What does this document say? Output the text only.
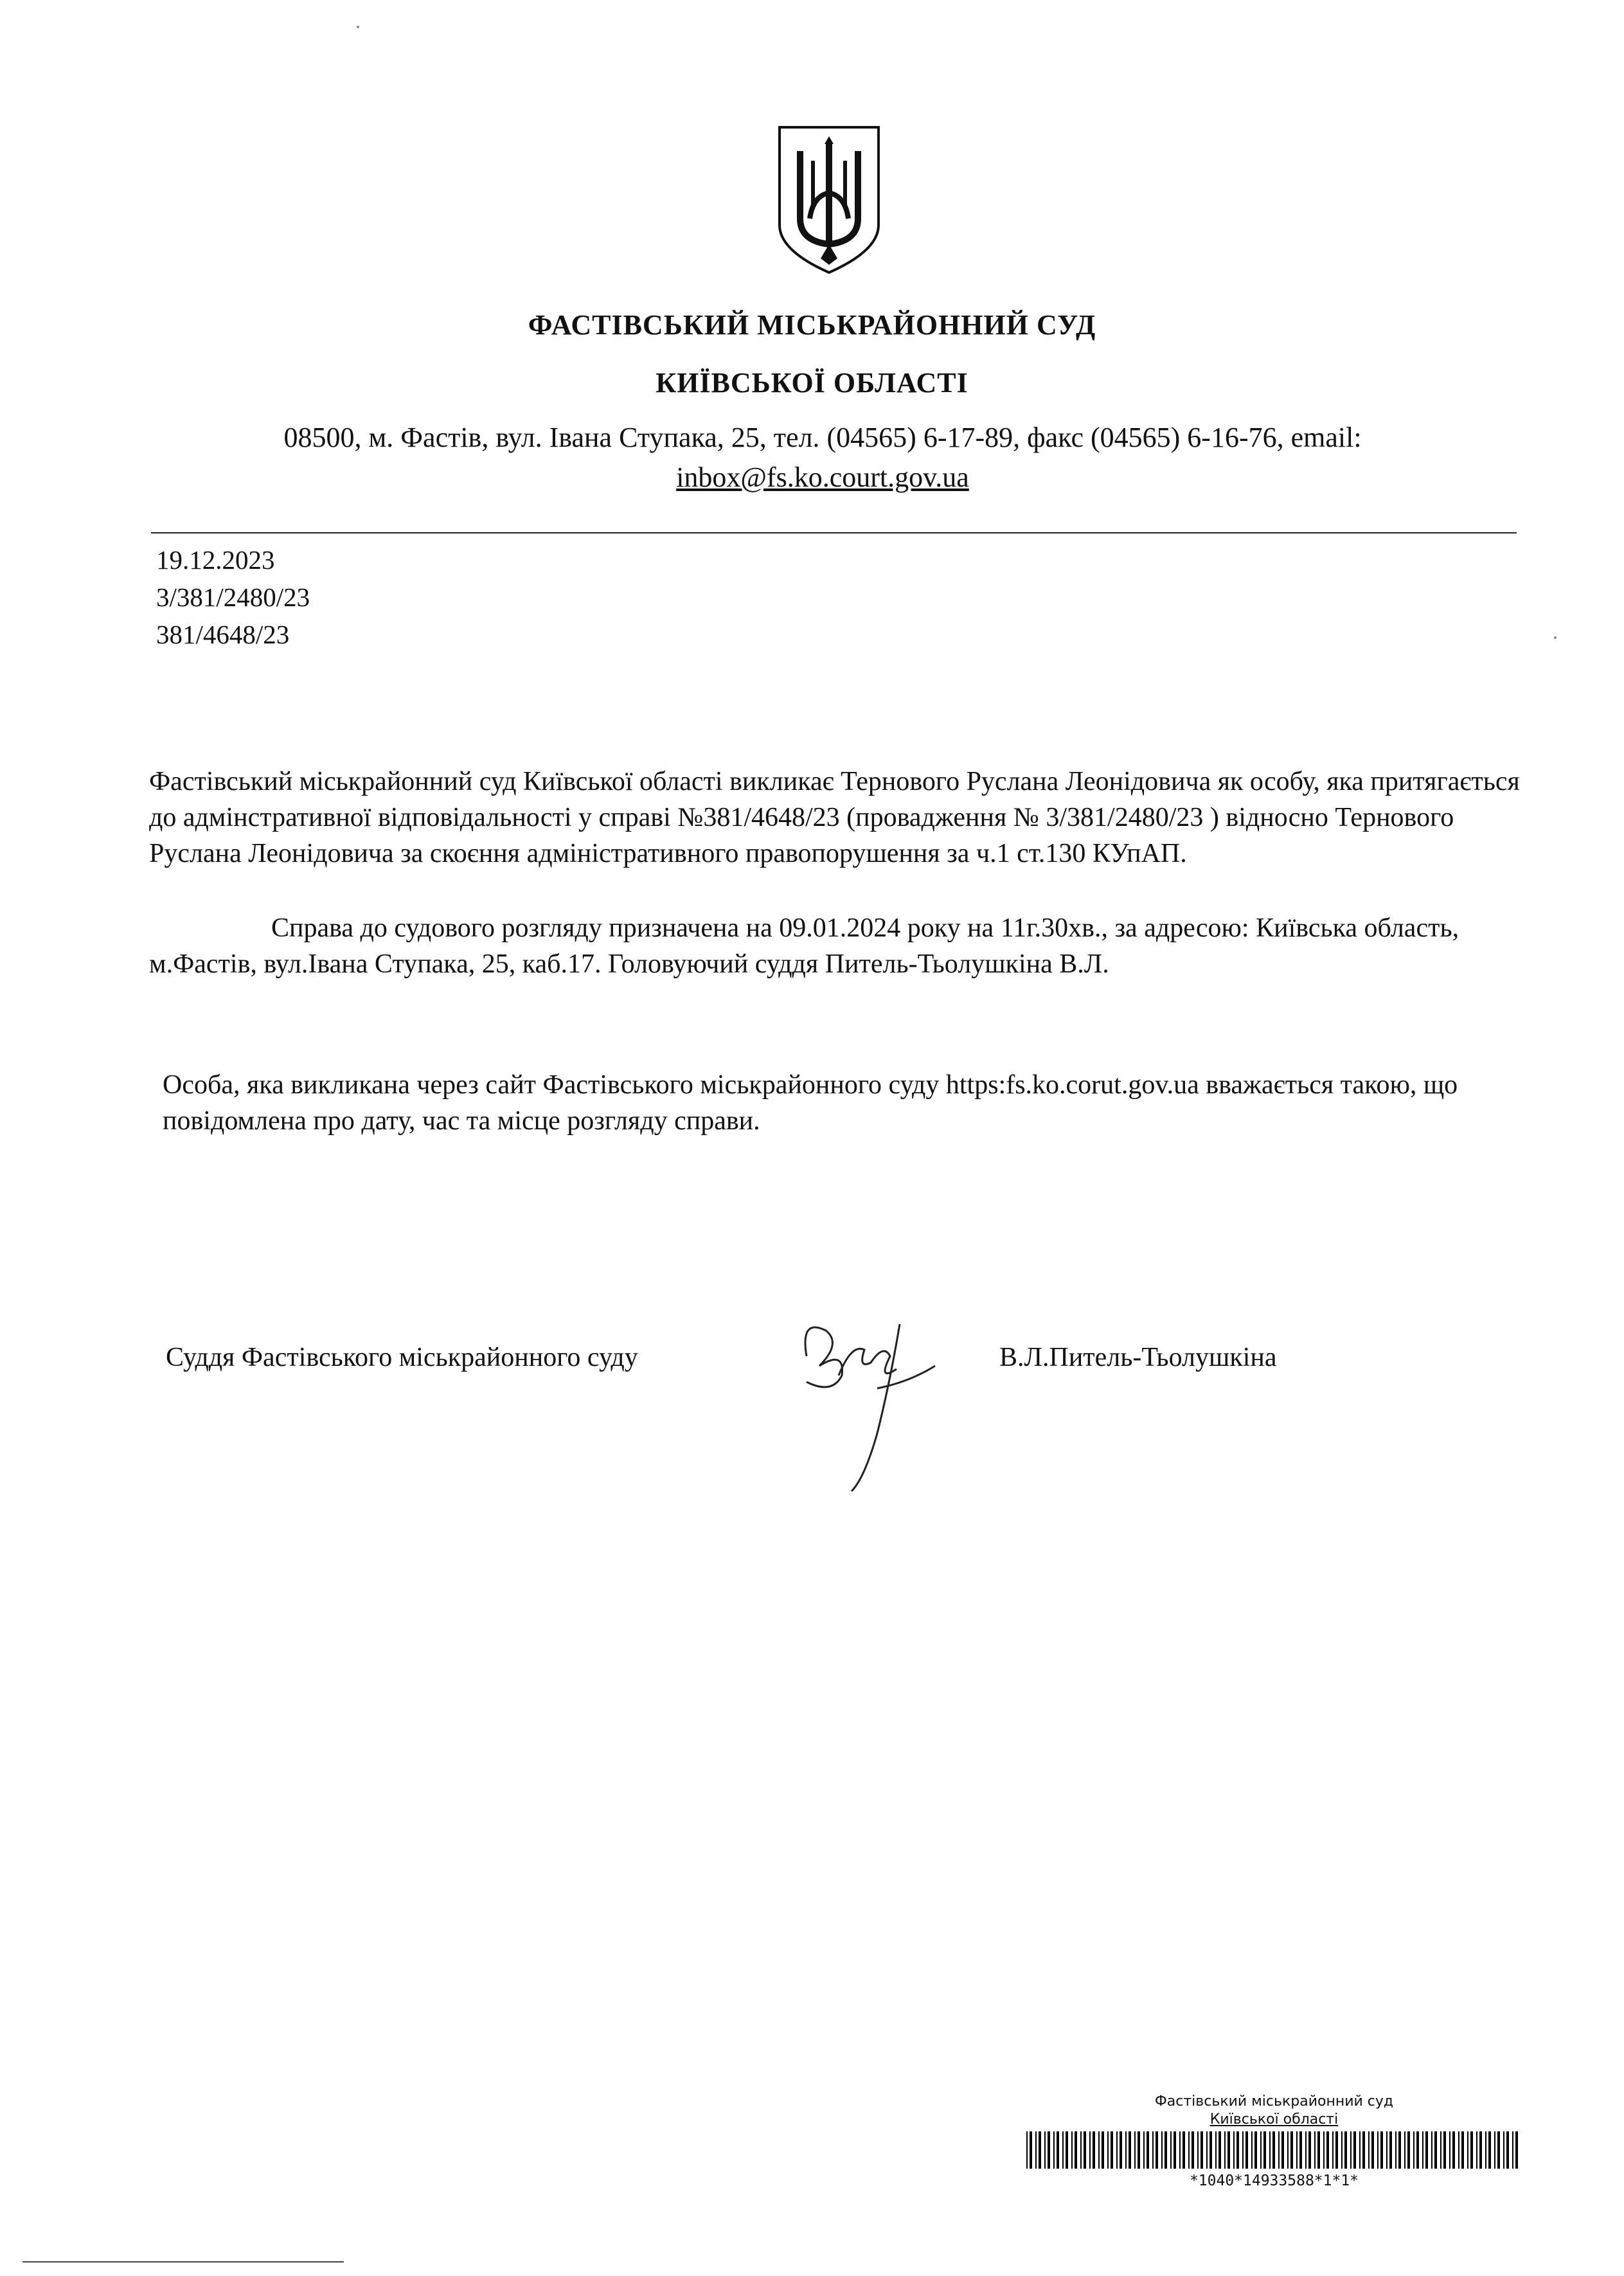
ФАСТІВСЬКИЙ МІСЬКРАЙОННИЙ СУД
КИЇВСЬКОЇ ОБЛАСТІ
08500, м. Фастів, вул. Івана Ступака, 25, тел. (04565) 6-17-89, факс (04565) 6-16-76, email:
inbox@fs.ko.court.gov.ua
19.12.2023
3/381/2480/23
381/4648/23
Фастівський міськрайонний суд Київської області викликає Тернового Руслана Леонідовича як особу, яка притягається до адмінстративної відповідальності у справі №381/4648/23 (провадження № 3/381/2480/23 ) відносно Тернового Руслана Леонідовича за скоєння адміністративного правопорушення за ч.1 ст.130 КУпАП.
Справа до судового розгляду призначена на 09.01.2024 року на 11г.30хв., за адресою: Київська область, м.Фастів, вул.Івана Ступака, 25, каб.17. Головуючий суддя Питель-Тьолушкіна В.Л.
Особа, яка викликана через сайт Фастівського міськрайонного суду https:fs.ko.corut.gov.ua вважається такою, що повідомлена про дату, час та місце розгляду справи.
Суддя Фастівського міськрайонного суду	В.Л.Питель-Тьолушкіна
Фастівський міськрайонний суд
Київської області
*1040*14933588*1*1*
